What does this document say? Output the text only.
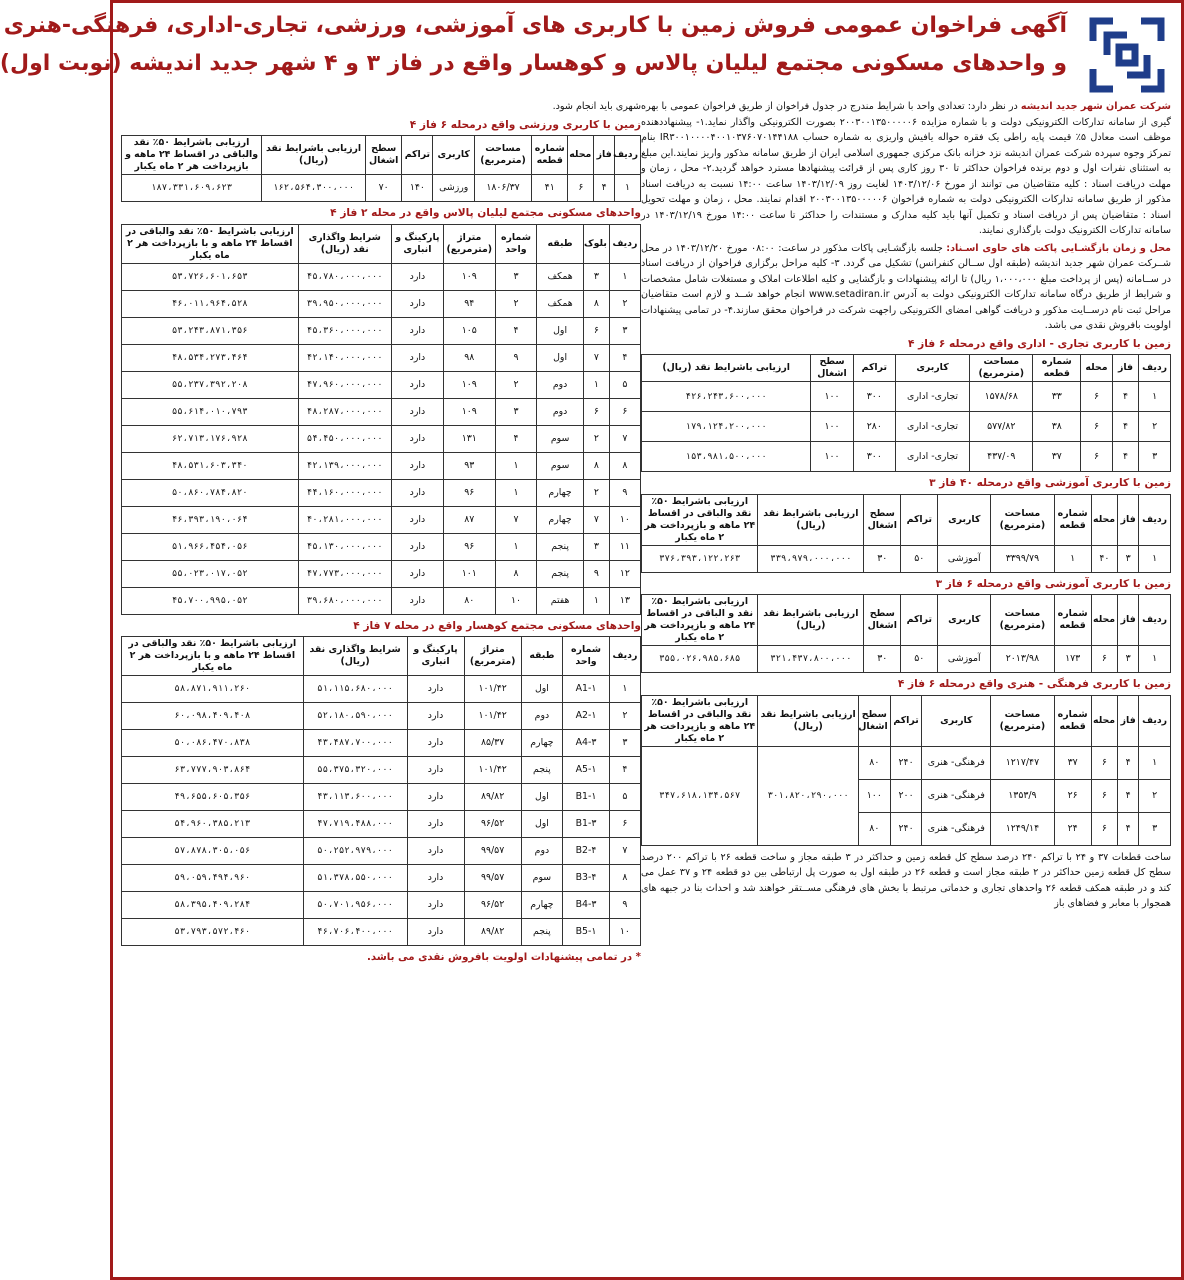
آگهی فراخوان عمومی فروش زمین با کاربری های آموزشی، ورزشی، تجاری-اداری، فرهنگی-هنری
و واحدهای مسکونی مجتمع لیلیان پالاس و کوهسار واقع در فاز ۳ و ۴ شهر جدید اندیشه (نوبت اول)
شرکت عمران شهر جدید اندیشه در نظر دارد: تعدادی واحد با شرایط مندرج در جدول فراخوان از طریق فراخوان عمومی با بهره گیری از سامانه تدارکات الکترونیکی دولت و با شماره مزایده ۲۰۰۳۰۰۱۳۵۰۰۰۰۰۶ بصورت الکترونیکی واگذار نماید.۱- پیشنهاددهنده موظف است معادل ۵٪ قیمت پایه راطی یک فقره حواله یافیش واریزی به شماره حساب IR۳۰۰۱۰۰۰۰۴۰۰۱۰۳۷۶۰۷۰۱۴۴۱۸۸ بنام تمرکز وجوه سپرده شرکت عمران اندیشه نزد خزانه بانک مرکزی جمهوری اسلامی ایران از طریق سامانه مذکور واریز نمایند.این مبلغ به استثنای نفرات اول و دوم برنده فراخوان حداکثر تا ۳۰ روز کاری پس از قرائت پیشنهادها مسترد خواهد گردید.۲- محل ، زمان و مهلت دریافت اسناد : کلیه متقاضیان می توانند از مورخ ۱۴۰۳/۱۲/۰۶ لغایت روز ۱۴۰۳/۱۲/۰۹ ساعت ۱۴:۰۰ نسبت به دریافت اسناد مذکور از طریق سامانه تدارکات الکترونیکی دولت به شماره فراخوان ۲۰۰۳۰۰۱۳۵۰۰۰۰۰۶ اقدام نمایند. محل ، زمان و مهلت تحویل اسناد : متقاضیان پس از دریافت اسناد و تکمیل آنها باید کلیه مدارک و مستندات را حداکثر تا ساعت ۱۴:۰۰ مورخ ۱۴۰۳/۱۲/۱۹ در سامانه تدارکات الکترونیک دولت بارگذاری نمایند.
محل و زمان بازگشـایی پاکت های حاوی اسـناد: جلسه بازگشـایی پاکات مذکور در ساعت: ۰۸:۰۰ مورخ ۱۴۰۳/۱۲/۲۰ در محل شــرکت عمران شهر جدید اندیشه (طبقه اول ســالن کنفرانس) تشکیل می گردد. ۳- کلیه مراحل برگزاری فراخوان از دریافت اسناد در ســامانه (پس از پرداخت مبلغ ۱،۰۰۰،۰۰۰ ریال) تا ارائه پیشنهادات و بازگشایی و کلیه اطلاعات املاک و مستغلات شامل مشخصات و شرایط از طریق درگاه سامانه تدارکات الکترونیکی دولت به آدرس www.setadiran.ir انجام خواهد شــد و لازم است متقاضیان مراحل ثبت نام درســایت مذکور و دریافت گواهی امضای الکترونیکی راجهت شرکت در فراخوان محقق سازند.۴- در تمامی پیشنهادات اولویت بافروش نقدی می باشد.
زمین با کاربری تجاری - اداری واقع درمحله ۶ فاز ۴
ردیف	فاز	محله	شماره قطعه	مساحت (مترمربع)	کاربری	تراکم	سطح اشغال	ارزیابی باشرایط نقد (ریال)
۱	۴	۶	۳۳	۱۵۷۸/۶۸	تجاری- اداری	۳۰۰	۱۰۰	۴۲۶،۲۴۳،۶۰۰،۰۰۰
۲	۴	۶	۳۸	۵۷۷/۸۲	تجاری- اداری	۲۸۰	۱۰۰	۱۷۹،۱۲۴،۲۰۰،۰۰۰
۳	۴	۶	۳۷	۴۳۷/۰۹	تجاری- اداری	۳۰۰	۱۰۰	۱۵۳،۹۸۱،۵۰۰،۰۰۰
زمین با کاربری آموزشی واقع درمحله ۴۰ فاز ۳
ردیف	فاز	محله	شماره قطعه	مساحت (مترمربع)	کاربری	تراکم	سطح اشغال	ارزیابی باشرایط نقد (ریال)	ارزیابی باشرایط ۵۰٪ نقد والباقی در اقساط ۲۴ ماهه و بازپرداخت هر ۲ ماه یکبار
۱	۳	۴۰	۱	۳۳۹۹/۷۹	آموزشی	۵۰	۳۰	۳۳۹،۹۷۹،۰۰۰،۰۰۰	۳۷۶،۳۹۳،۱۲۲،۲۶۳
زمین با کاربری آموزشی واقع درمحله ۶ فاز ۳
ردیف	فاز	محله	شماره قطعه	مساحت (مترمربع)	کاربری	تراکم	سطح اشغال	ارزیابی باشرایط نقد (ریال)	ارزیابی باشرایط ۵۰٪ نقد و الباقی در اقساط ۲۴ ماهه و بازپرداخت هر ۲ ماه یکبار
۱	۳	۶	۱۷۳	۲۰۱۳/۹۸	آموزشی	۵۰	۳۰	۳۲۱،۴۳۷،۸۰۰،۰۰۰	۳۵۵،۰۲۶،۹۸۵،۶۸۵
زمین با کاربری فرهنگی - هنری واقع درمحله ۶ فاز ۴
ردیف	فاز	محله	شماره قطعه	مساحت (مترمربع)	کاربری	تراکم	سطح اشغال	ارزیابی باشرایط نقد (ریال)	ارزیابی باشرایط ۵۰٪ نقد والباقی در اقساط ۲۴ ماهه و بازپرداخت هر ۲ ماه یکبار
۱	۴	۶	۳۷	۱۲۱۷/۴۷	فرهنگی- هنری	۲۴۰	۸۰	۳۰۱،۸۲۰،۲۹۰،۰۰۰	۳۴۷،۶۱۸،۱۳۴،۵۶۷
۲	۴	۶	۲۶	۱۳۵۳/۹	فرهنگی- هنری	۲۰۰	۱۰۰		
۳	۴	۶	۲۴	۱۲۴۹/۱۴	فرهنگی- هنری	۲۴۰	۸۰		
ساخت قطعات ۳۷ و ۲۴ با تراکم ۲۴۰ درصد سطح کل قطعه زمین و حداکثر در ۳ طبقه مجاز و ساخت قطعه ۲۶ با تراکم ۲۰۰ درصد سطح کل قطعه زمین حداکثر در ۲ طبقه مجاز است و قطعه ۲۶ در طبقه اول به صورت پل ارتباطی بین دو قطعه ۲۴ و ۳۷ عمل می کند و در طبقه همکف قطعه ۲۶ واحدهای تجاری و خدماتی مرتبط با بخش های فرهنگی مســتقر خواهند شد و احداث بنا در جبهه های همجوار با معابر و فضاهای باز
شهری باید انجام شود.
زمین با کاربری ورزشی واقع درمحله ۶ فاز ۴
ردیف	فاز	محله	شماره قطعه	مساحت (مترمربع)	کاربری	تراکم	سطح اشغال	ارزیابی باشرایط نقد (ریال)	ارزیابی باشرایط ۵۰٪ نقد والباقی در اقساط ۲۴ ماهه و بازپرداخت هر ۲ ماه یکبار
۱	۴	۶	۴۱	۱۸۰۶/۳۷	ورزشی	۱۴۰	۷۰	۱۶۲،۵۶۴،۳۰۰،۰۰۰	۱۸۷،۳۳۱،۶۰۹،۶۲۳
واحدهای مسکونی مجتمع لیلیان پالاس واقع در محله ۲ فاز ۴
ردیف	بلوک	طبقه	شماره واحد	متراژ (مترمربع)	پارکینگ و انباری	شرایط واگذاری نقد (ریال)	ارزیابی باشرایط ۵۰٪ نقد والباقی در اقساط ۲۴ ماهه و با بازپرداخت هر ۲ ماه یکبار
۱	۳	همکف	۳	۱۰۹	دارد	۴۵،۷۸۰،۰۰۰،۰۰۰	۵۳،۷۲۶،۶۰۱،۶۵۳
۲	۸	همکف	۲	۹۴	دارد	۳۹،۹۵۰،۰۰۰،۰۰۰	۴۶،۰۱۱،۹۶۴،۵۲۸
۳	۶	اول	۴	۱۰۵	دارد	۴۵،۳۶۰،۰۰۰،۰۰۰	۵۳،۲۴۳،۸۷۱،۳۵۶
۴	۷	اول	۹	۹۸	دارد	۴۲،۱۴۰،۰۰۰،۰۰۰	۴۸،۵۳۴،۲۷۳،۴۶۴
۵	۱	دوم	۲	۱۰۹	دارد	۴۷،۹۶۰،۰۰۰،۰۰۰	۵۵،۲۳۷،۳۹۲،۲۰۸
۶	۶	دوم	۳	۱۰۹	دارد	۴۸،۲۸۷،۰۰۰،۰۰۰	۵۵،۶۱۴،۰۱۰،۷۹۳
۷	۲	سوم	۴	۱۳۱	دارد	۵۴،۴۵۰،۰۰۰،۰۰۰	۶۲،۷۱۳،۱۷۶،۹۲۸
۸	۸	سوم	۱	۹۳	دارد	۴۲،۱۳۹،۰۰۰،۰۰۰	۴۸،۵۳۱،۶۰۳،۳۴۰
۹	۲	چهارم	۱	۹۶	دارد	۴۴،۱۶۰،۰۰۰،۰۰۰	۵۰،۸۶۰،۷۸۴،۸۲۰
۱۰	۷	چهارم	۷	۸۷	دارد	۴۰،۲۸۱،۰۰۰،۰۰۰	۴۶،۳۹۳،۱۹۰،۰۶۴
۱۱	۳	پنجم	۱	۹۶	دارد	۴۵،۱۳۰،۰۰۰،۰۰۰	۵۱،۹۶۶،۴۵۴،۰۵۶
۱۲	۹	پنجم	۸	۱۰۱	دارد	۴۷،۷۷۳،۰۰۰،۰۰۰	۵۵،۰۲۳،۰۱۷،۰۵۲
۱۳	۱	هفتم	۱۰	۸۰	دارد	۳۹،۶۸۰،۰۰۰،۰۰۰	۴۵،۷۰۰،۹۹۵،۰۵۲
واحدهای مسکونی مجتمع کوهسار واقع در محله ۷ فاز ۴
ردیف	شماره واحد	طبقه	متراژ (مترمربع)	پارکینگ و انباری	شرایط واگذاری نقد (ریال)	ارزیابی باشرایط ۵۰٪ نقد والباقی در اقساط ۲۴ ماهه و با بازپرداخت هر ۲ ماه یکبار
۱	A1-۱	اول	۱۰۱/۴۲	دارد	۵۱،۱۱۵،۶۸۰،۰۰۰	۵۸،۸۷۱،۹۱۱،۲۶۰
۲	A2-۱	دوم	۱۰۱/۴۲	دارد	۵۲،۱۸۰،۵۹۰،۰۰۰	۶۰،۰۹۸،۴۰۹،۴۰۸
۳	A4-۳	چهارم	۸۵/۳۷	دارد	۴۳،۴۸۷،۷۰۰،۰۰۰	۵۰،۰۸۶،۴۷۰،۸۳۸
۴	A5-۱	پنجم	۱۰۱/۴۲	دارد	۵۵،۳۷۵،۳۲۰،۰۰۰	۶۳،۷۷۷،۹۰۳،۸۶۴
۵	B1-۱	اول	۸۹/۸۲	دارد	۴۳،۱۱۳،۶۰۰،۰۰۰	۴۹،۶۵۵،۶۰۵،۳۵۶
۶	B1-۳	اول	۹۶/۵۲	دارد	۴۷،۷۱۹،۴۸۸،۰۰۰	۵۴،۹۶۰،۳۸۵،۲۱۳
۷	B2-۴	دوم	۹۹/۵۷	دارد	۵۰،۲۵۲،۹۷۹،۰۰۰	۵۷،۸۷۸،۳۰۵،۰۵۶
۸	B3-۴	سوم	۹۹/۵۷	دارد	۵۱،۳۷۸،۵۵۰،۰۰۰	۵۹،۰۵۹،۴۹۴،۹۶۰
۹	B4-۳	چهارم	۹۶/۵۲	دارد	۵۰،۷۰۱،۹۵۶،۰۰۰	۵۸،۳۹۵،۴۰۹،۲۸۴
۱۰	B5-۱	پنجم	۸۹/۸۲	دارد	۴۶،۷۰۶،۴۰۰،۰۰۰	۵۳،۷۹۳،۵۷۲،۴۶۰
* در تمامی پیشنهادات اولویت بافروش نقدی می باشد.
